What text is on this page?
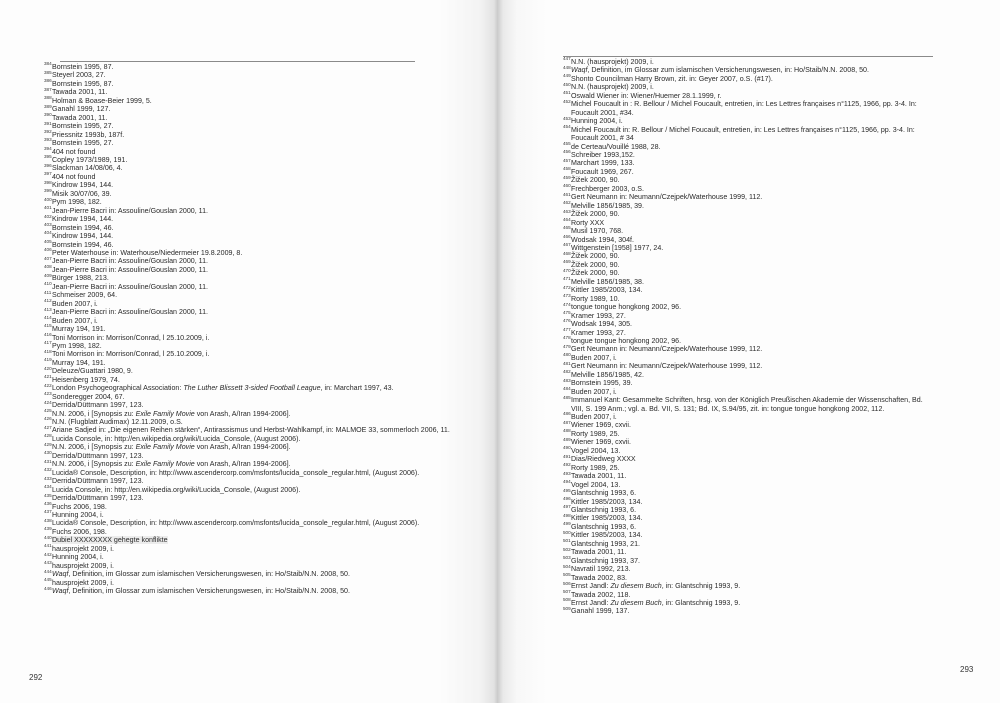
384 Bornstein 1995, 87.
385 Steyerl 2003, 27.
386 Bornstein 1995, 87.
387 Tawada 2001, 11.
388 Holman & Boase-Beier 1999, 5.
389 Ganahl 1999, 127.
390 Tawada 2001, 11.
391 Bornstein 1995, 27.
392 Priessnitz 1993b, 187f.
393 Bornstein 1995, 27.
394 404 not found
395 Copley 1973/1989, 191.
396 Slackman 14/08/06, 4.
397 404 not found
398 Kindrow 1994, 144.
399 Misik 30/07/06, 39.
400 Pym 1998, 182.
401 Jean-Pierre Bacri in: Assouline/Gouslan 2000, 11.
402 Kindrow 1994, 144.
403 Bornstein 1994, 46.
404 Kindrow 1994, 144.
405 Bornstein 1994, 46.
406 Peter Waterhouse in: Waterhouse/Niedermeier 19.8.2009, 8.
407 Jean-Pierre Bacri in: Assouline/Gouslan 2000, 11.
408 Jean-Pierre Bacri in: Assouline/Gouslan 2000, 11.
409 Bürger 1988, 213.
410 Jean-Pierre Bacri in: Assouline/Gouslan 2000, 11.
411 Schmeiser 2009, 64.
412 Buden 2007, i.
413 Jean-Pierre Bacri in: Assouline/Gouslan 2000, 11.
414 Buden 2007, i.
415 Murray 194, 191.
416 Toni Morrison in: Morrison/Conrad, l 25.10.2009, i.
417 Pym 1998, 182.
418 Toni Morrison in: Morrison/Conrad, l 25.10.2009, i.
419 Murray 194, 191.
420 Deleuze/Guattari 1980, 9.
421 Heisenberg 1979, 74.
422 London Psychogeographical Association: The Luther Blissett 3-sided Football League, in: Marchart 1997, 43.
423 Sonderegger 2004, 67.
424 Derrida/Düttmann 1997, 123.
425 N.N. 2006, i [Synopsis zu: Exile Family Movie von Arash, A/Iran 1994-2006].
426 N.N. (Flugblatt Audimax) 12.11.2009, o.S.
427 Ariane Sadjed in: „Die eigenen Reihen stärken“, Antirassismus und Herbst-Wahlkampf, in: MALMOE 33, sommerloch 2006, 11.
428 Lucida Console, in: http://en.wikipedia.org/wiki/Lucida_Console, (August 2006).
429 N.N. 2006, i [Synopsis zu: Exile Family Movie von Arash, A/Iran 1994-2006].
430 Derrida/Düttmann 1997, 123.
431 N.N. 2006, i [Synopsis zu: Exile Family Movie von Arash, A/Iran 1994-2006].
432 Lucida® Console, Description, in: http://www.ascendercorp.com/msfonts/lucida_console_regular.html, (August 2006).
433 Derrida/Düttmann 1997, 123.
434 Lucida Console, in: http://en.wikipedia.org/wiki/Lucida_Console, (August 2006).
435 Derrida/Düttmann 1997, 123.
436 Fuchs 2006, 198.
437 Hunning 2004, i.
438 Lucida® Console, Description, in: http://www.ascendercorp.com/msfonts/lucida_console_regular.html, (August 2006).
439 Fuchs 2006, 198.
440 Dubiel XXXXXXXX gehegte konflikte
441 hausprojekt 2009, i.
442 Hunning 2004, i.
443 hausprojekt 2009, i.
444 Waqf, Definition, im Glossar zum islamischen Versicherungswesen, in: Ho/Staib/N.N. 2008, 50.
445 hausprojekt 2009, i.
446 Waqf, Definition, im Glossar zum islamischen Versicherungswesen, in: Ho/Staib/N.N. 2008, 50.
292
447 N.N. (hausprojekt) 2009, i.
448 Waqf, Definition, im Glossar zum islamischen Versicherungswesen, in: Ho/Staib/N.N. 2008, 50.
449 Shonto Councilman Harry Brown, zit. in: Geyer 2007, o.S. (#17).
450 N.N. (hausprojekt) 2009, i.
451 Oswald Wiener in: Wiener/Huemer 28.1.1999, r.
452 Michel Foucault in : R. Bellour / Michel Foucault, entretien, in: Les Lettres françaises n°1125, 1966, pp. 3-4. In: Foucault 2001, #34.
453 Hunning 2004, i.
454 Michel Foucault in: R. Bellour / Michel Foucault, entretien, in: Les Lettres françaises n°1125, 1966, pp. 3-4. In: Foucault 2001, # 34
455 de Certeau/Vouillé 1988, 28.
456 Schreiber 1993,152.
457 Marchart 1999, 133.
458 Foucault 1969, 267.
459 Žižek 2000, 90.
460 Frechberger 2003, o.S.
461 Gert Neumann in: Neumann/Czejpek/Waterhouse 1999, 112.
462 Melville 1856/1985, 39.
463 Žižek 2000, 90.
464 Rorty XXX
465 Musil 1970, 768.
466 Wodsak 1994, 304f.
467 Wittgenstein [1958] 1977, 24.
468 Žižek 2000, 90.
469 Žižek 2000, 90.
470 Žižek 2000, 90.
471 Melville 1856/1985, 38.
472 Kittler 1985/2003, 134.
473 Rorty 1989, 10.
474 tongue tongue hongkong 2002, 96.
475 Kramer 1993, 27.
476 Wodsak 1994, 305.
477 Kramer 1993, 27.
478 tongue tongue hongkong 2002, 96.
479 Gert Neumann in: Neumann/Czejpek/Waterhouse 1999, 112.
480 Buden 2007, i.
481 Gert Neumann in: Neumann/Czejpek/Waterhouse 1999, 112.
482 Melville 1856/1985, 42.
483 Bornstein 1995, 39.
484 Buden 2007, i.
485 Immanuel Kant: Gesammelte Schriften, hrsg. von der Königlich Preußischen Akademie der Wissenschaften, Bd. VIII, S. 199 Anm.; vgl. a. Bd. VII, S. 131; Bd. IX, S.94/95, zit. in: tongue tongue hongkong 2002, 112.
486 Buden 2007, i.
487 Wiener 1969, cxvii.
488 Rorty 1989, 25.
489 Wiener 1969, cxvii.
490 Vogel 2004, 13.
491 Dias/Riedweg XXXX
492 Rorty 1989, 25.
493 Tawada 2001, 11.
494 Vogel 2004, 13.
495 Glantschnig 1993, 6.
496 Kittler 1985/2003, 134.
497 Glantschnig 1993, 6.
498 Kittler 1985/2003, 134.
499 Glantschnig 1993, 6.
500 Kittler 1985/2003, 134.
501 Glantschnig 1993, 21.
502 Tawada 2001, 11.
503 Glantschnig 1993, 37.
504 Navratil 1992, 213.
505 Tawada 2002, 83.
506 Ernst Jandl: Zu diesem Buch, in: Glantschnig 1993, 9.
507 Tawada 2002, 118.
508 Ernst Jandl: Zu diesem Buch, in: Glantschnig 1993, 9.
509 Ganahl 1999, 137.
293
